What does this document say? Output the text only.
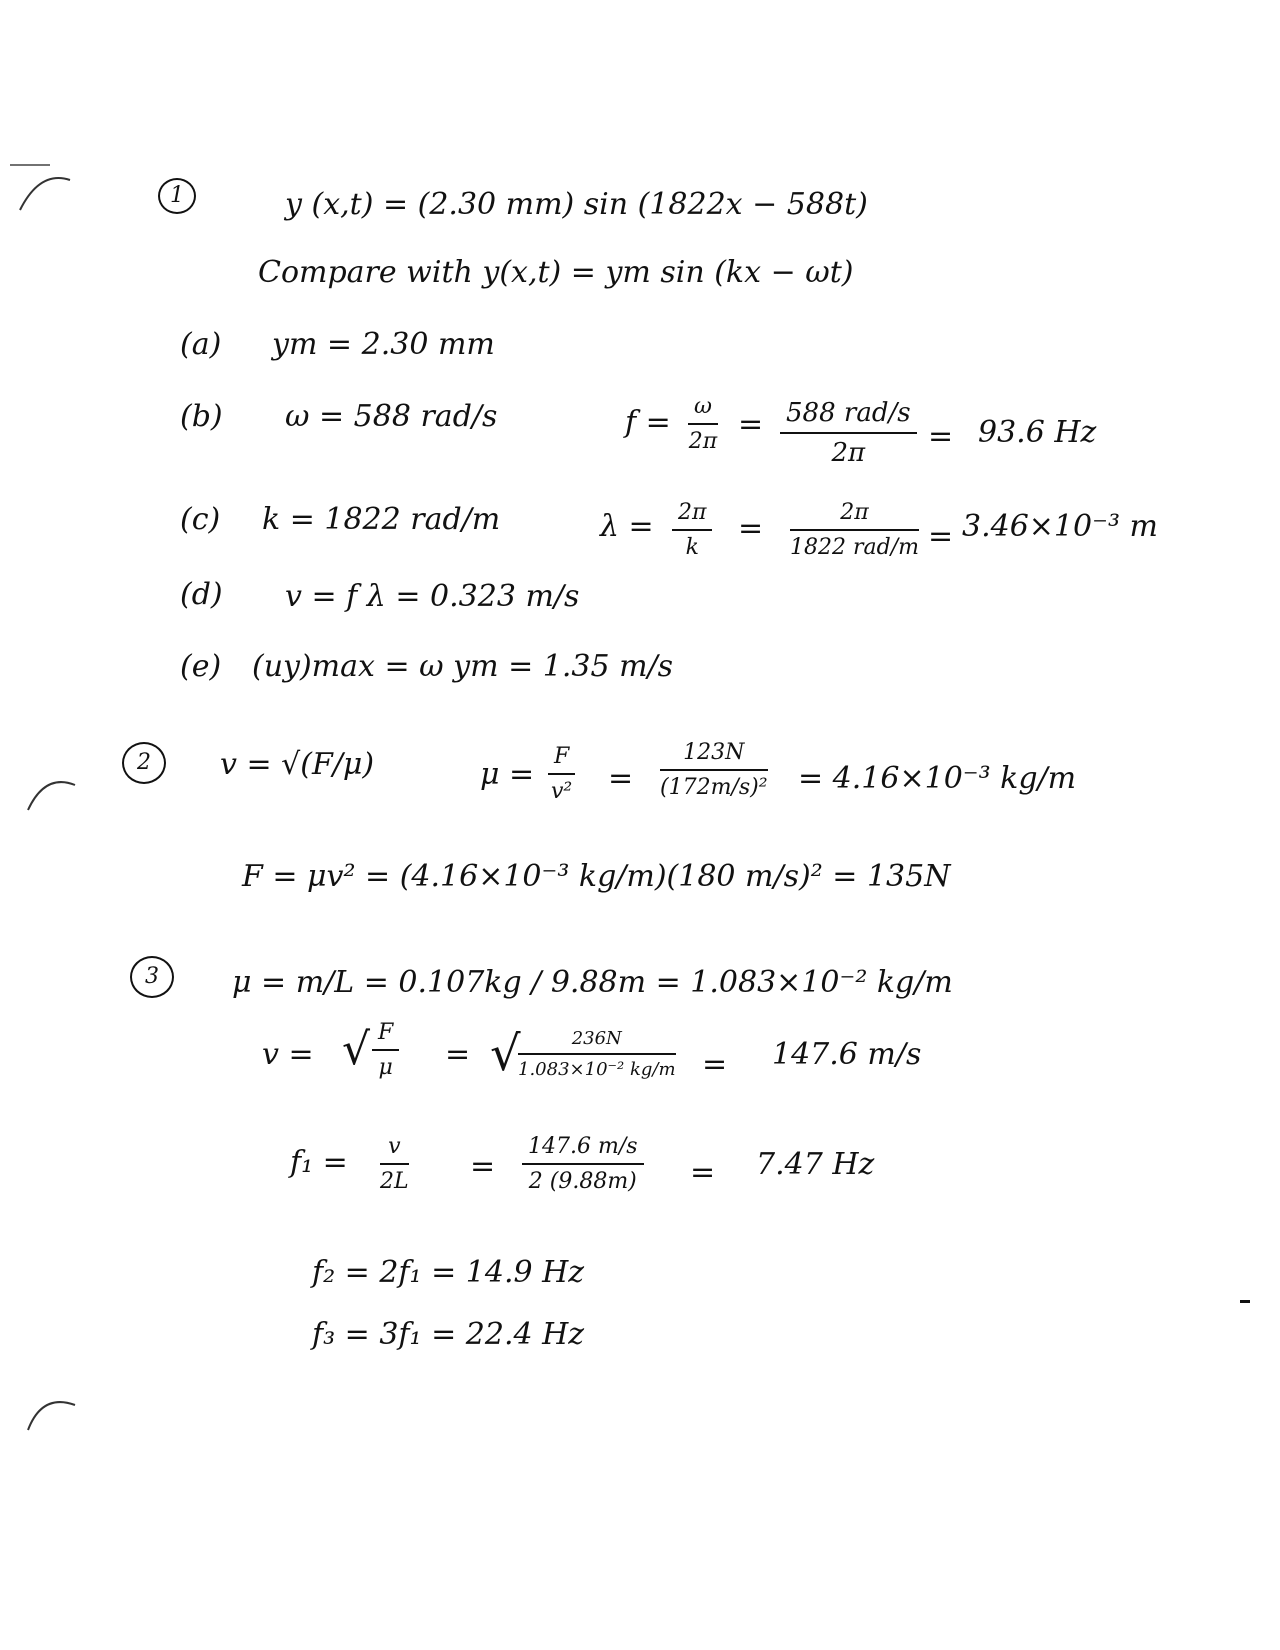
1	y (x,t) = (2.30 mm) sin (1822x − 588t)
Compare with y(x,t) = ym sin (kx − ωt)
(a) ym = 2.30 mm
(b) ω = 588 rad/s	$f = \frac{\omega}{2\pi} = 588$ rad/s
2π	= 93.6 Hz
(c) k = 1822 rad/m	$\lambda = \frac{2\pi}{k}$ =	2π
1822 rad/m = 3.46×10⁻³ m
(d) v = f λ = 0.323 m/s
(e) (uy)max = ω ym = 1.35 m/s
2	v = √(F/μ)	$\mu = \frac{F}{\text{v²}} = \frac{123N}{\text{(172m/s)²}} = 4.16\times 10^{-3}$ kg/m
F = μv² = (4.16×10⁻³ kg/m)(180 m/s)² = 135N
3	μ = m/L = 0.107kg / 9.88m = 1.083×10⁻² kg/m
v = √ $\frac{F}{\mu}$ = √
$\frac{236N}{\text{1.083×10⁻² kg/m}} = 147.6$ m/s
$f_1 = \frac{v}{2L} = \frac{147.6 m/s}{2 (9.88m)} = 7.47$ Hz
f₂ = 2f₁ = 14.9 Hz
f₃ = 3f₁ = 22.4 Hz
